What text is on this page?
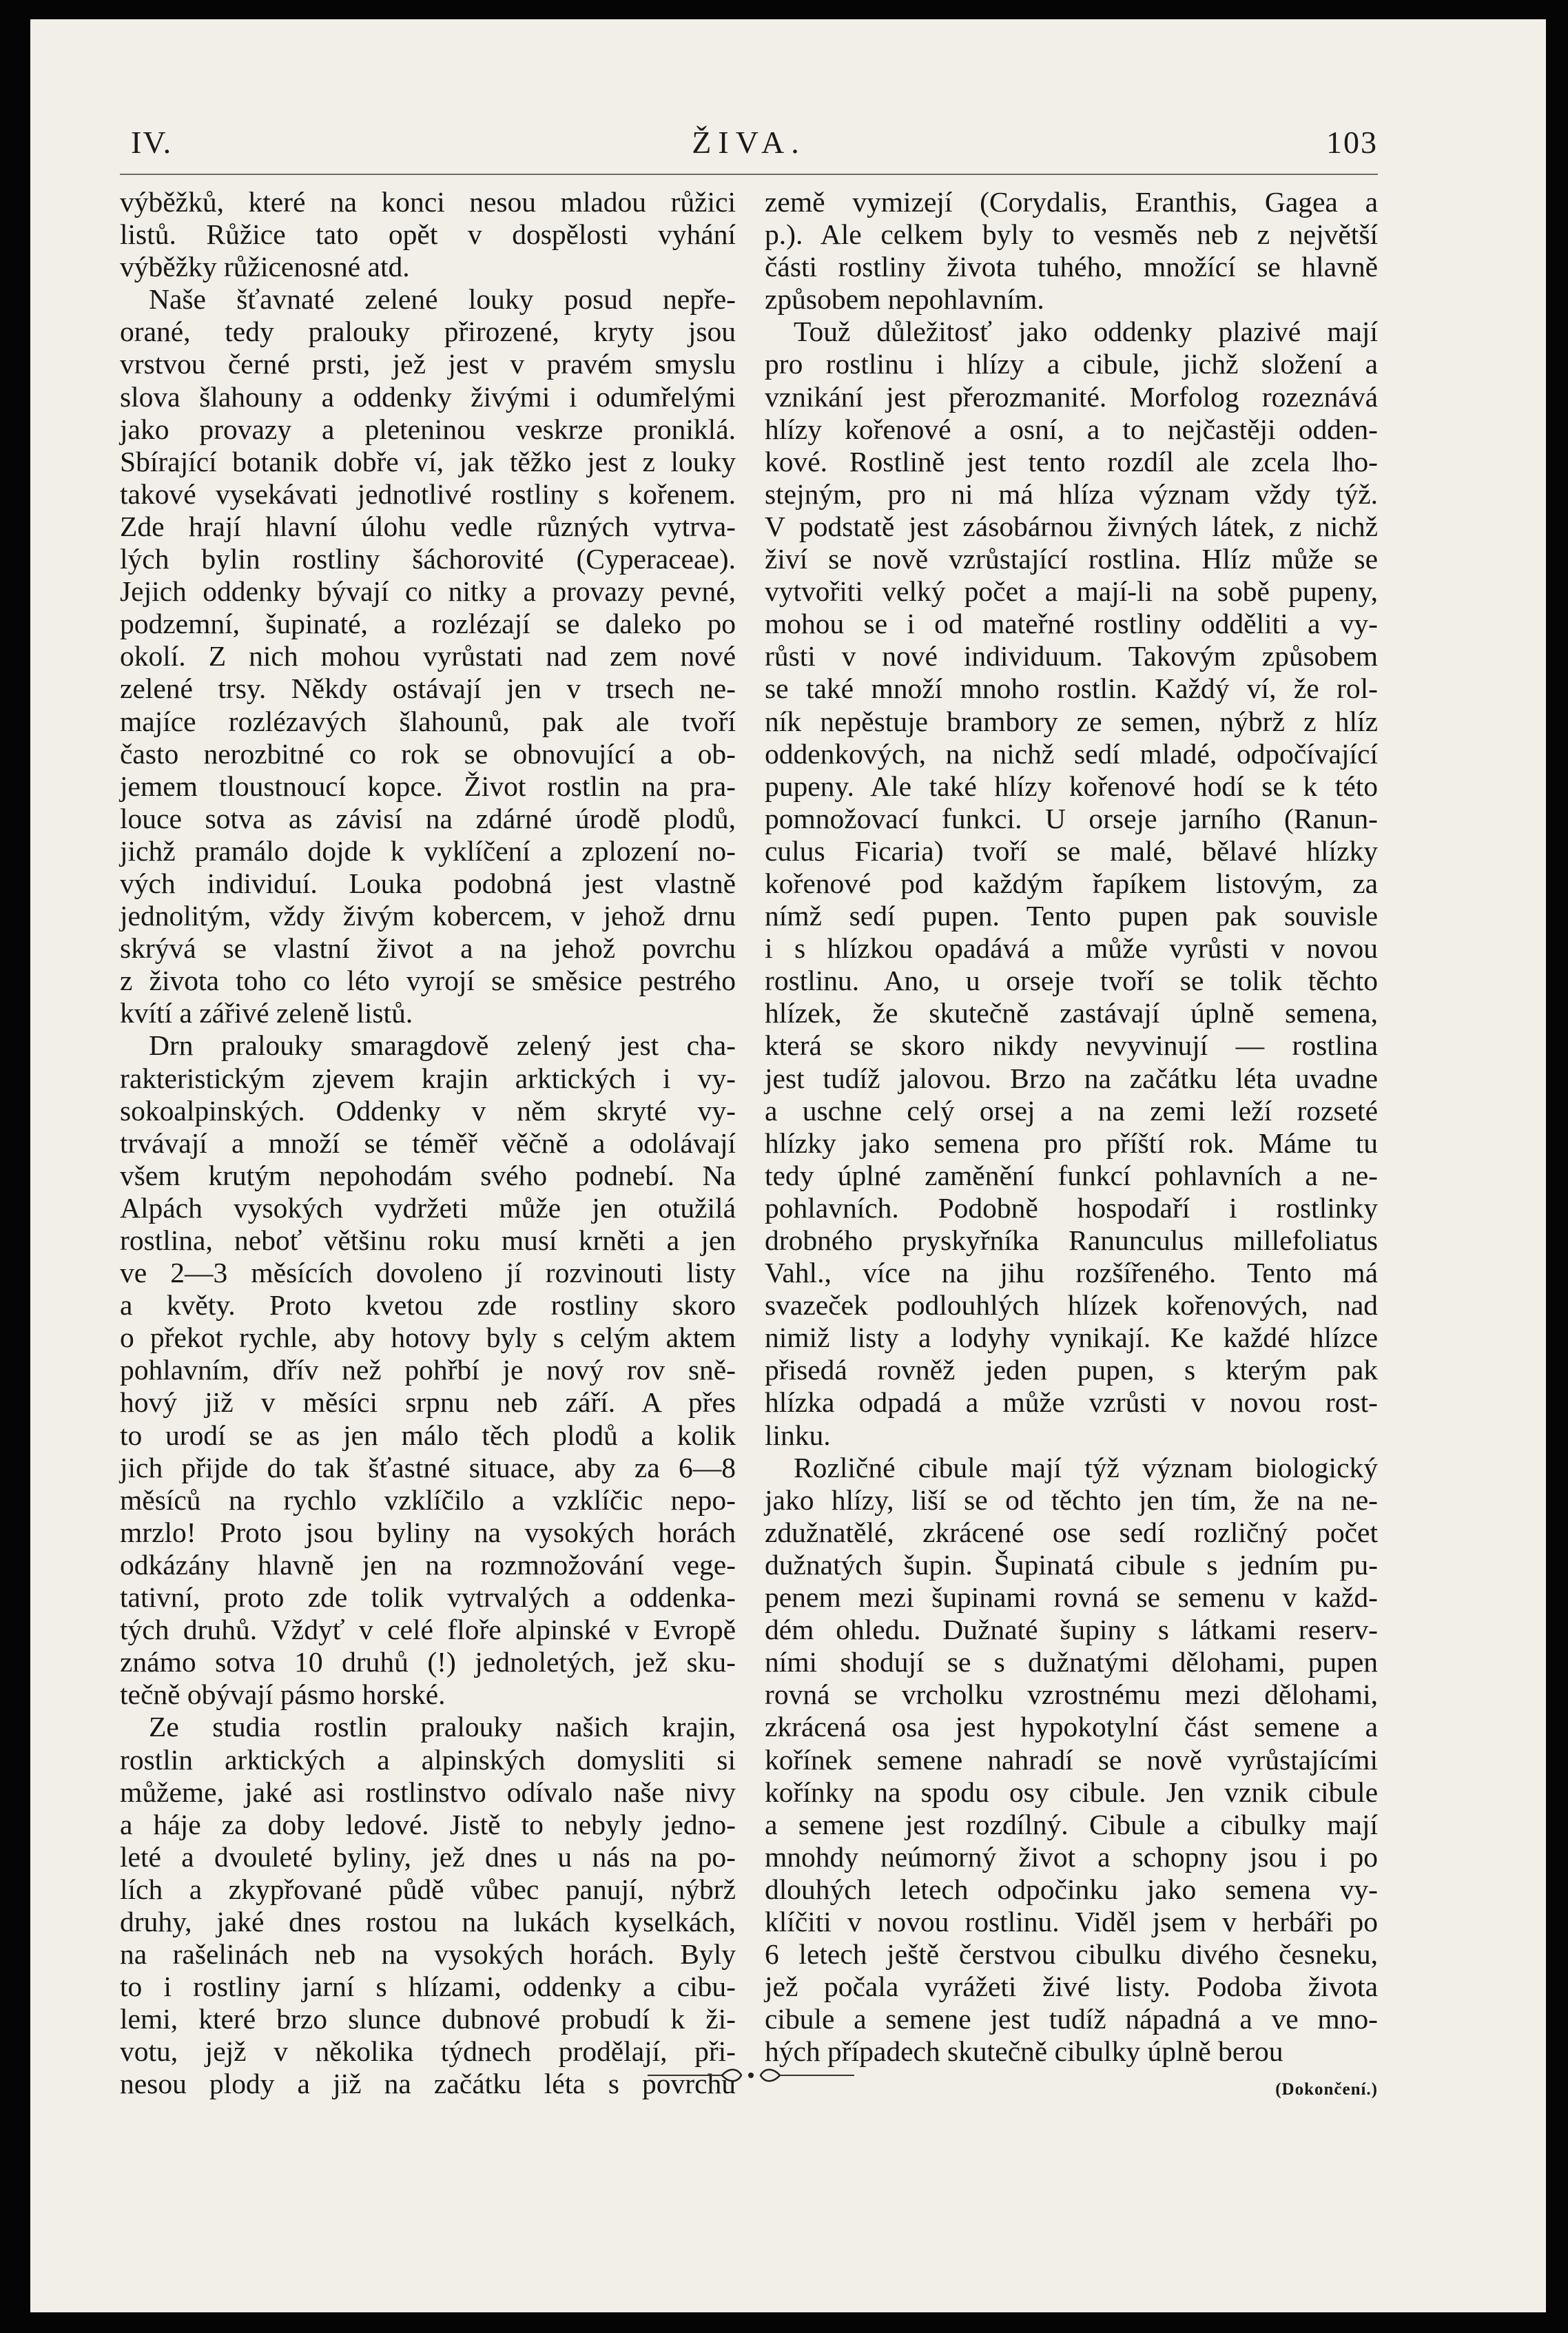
IV.	ŽIVA.	103
výběžků, které na konci nesou mladou růžici
listů. Růžice tato opět v dospělosti vyhání
výběžky růžicenosné atd.
Naše šťavnaté zelené louky posud nepře-
orané, tedy pralouky přirozené, kryty jsou
vrstvou černé prsti, jež jest v pravém smyslu
slova šlahouny a oddenky živými i odumřelými
jako provazy a pleteninou veskrze proniklá.
Sbírající botanik dobře ví, jak těžko jest z louky
takové vysekávati jednotlivé rostliny s kořenem.
Zde hrají hlavní úlohu vedle různých vytrva-
lých bylin rostliny šáchorovité (Cyperaceae).
Jejich oddenky bývají co nitky a provazy pevné,
podzemní, šupinaté, a rozlézají se daleko po
okolí. Z nich mohou vyrůstati nad zem nové
zelené trsy. Někdy ostávají jen v trsech ne-
majíce rozlézavých šlahounů, pak ale tvoří
často nerozbitné co rok se obnovující a ob-
jemem tloustnoucí kopce. Život rostlin na pra-
louce sotva as závisí na zdárné úrodě plodů,
jichž pramálo dojde k vyklíčení a zplození no-
vých individuí. Louka podobná jest vlastně
jednolitým, vždy živým kobercem, v jehož drnu
skrývá se vlastní život a na jehož povrchu
z života toho co léto vyrojí se směsice pestrého
kvítí a zářivé zeleně listů.
Drn pralouky smaragdově zelený jest cha-
rakteristickým zjevem krajin arktických i vy-
sokoalpinských. Oddenky v něm skryté vy-
trvávají a množí se téměř věčně a odolávají
všem krutým nepohodám svého podnebí. Na
Alpách vysokých vydržeti může jen otužilá
rostlina, neboť většinu roku musí krněti a jen
ve 2—3 měsících dovoleno jí rozvinouti listy
a květy. Proto kvetou zde rostliny skoro
o překot rychle, aby hotovy byly s celým aktem
pohlavním, dřív než pohřbí je nový rov sně-
hový již v měsíci srpnu neb září. A přes
to urodí se as jen málo těch plodů a kolik
jich přijde do tak šťastné situace, aby za 6—8
měsíců na rychlo vzklíčilo a vzklíčic nepo-
mrzlo! Proto jsou byliny na vysokých horách
odkázány hlavně jen na rozmnožování vege-
tativní, proto zde tolik vytrvalých a oddenka-
tých druhů. Vždyť v celé floře alpinské v Evropě
známo sotva 10 druhů (!) jednoletých, jež sku-
tečně obývají pásmo horské.
Ze studia rostlin pralouky našich krajin,
rostlin arktických a alpinských domysliti si
můžeme, jaké asi rostlinstvo odívalo naše nivy
a háje za doby ledové. Jistě to nebyly jedno-
leté a dvouleté byliny, jež dnes u nás na po-
lích a zkypřované půdě vůbec panují, nýbrž
druhy, jaké dnes rostou na lukách kyselkách,
na rašelinách neb na vysokých horách. Byly
to i rostliny jarní s hlízami, oddenky a cibu-
lemi, které brzo slunce dubnové probudí k ži-
votu, jejž v několika týdnech prodělají, při-
nesou plody a již na začátku léta s povrchu
země vymizejí (Corydalis, Eranthis, Gagea a
p.). Ale celkem byly to vesměs neb z největší
části rostliny života tuhého, množící se hlavně
způsobem nepohlavním.
Touž důležitosť jako oddenky plazivé mají
pro rostlinu i hlízy a cibule, jichž složení a
vznikání jest přerozmanité. Morfolog rozeznává
hlízy kořenové a osní, a to nejčastěji odden-
kové. Rostlině jest tento rozdíl ale zcela lho-
stejným, pro ni má hlíza význam vždy týž.
V podstatě jest zásobárnou živných látek, z nichž
živí se nově vzrůstající rostlina. Hlíz může se
vytvořiti velký počet a mají-li na sobě pupeny,
mohou se i od mateřné rostliny odděliti a vy-
růsti v nové individuum. Takovým způsobem
se také množí mnoho rostlin. Každý ví, že rol-
ník nepěstuje brambory ze semen, nýbrž z hlíz
oddenkových, na nichž sedí mladé, odpočívající
pupeny. Ale také hlízy kořenové hodí se k této
pomnožovací funkci. U orseje jarního (Ranun-
culus Ficaria) tvoří se malé, bělavé hlízky
kořenové pod každým řapíkem listovým, za
nímž sedí pupen. Tento pupen pak souvisle
i s hlízkou opadává a může vyrůsti v novou
rostlinu. Ano, u orseje tvoří se tolik těchto
hlízek, že skutečně zastávají úplně semena,
která se skoro nikdy nevyvinují — rostlina
jest tudíž jalovou. Brzo na začátku léta uvadne
a uschne celý orsej a na zemi leží rozseté
hlízky jako semena pro příští rok. Máme tu
tedy úplné zaměnění funkcí pohlavních a ne-
pohlavních. Podobně hospodaří i rostlinky
drobného pryskyřníka Ranunculus millefoliatus
Vahl., více na jihu rozšířeného. Tento má
svazeček podlouhlých hlízek kořenových, nad
nimiž listy a lodyhy vynikají. Ke každé hlízce
přisedá rovněž jeden pupen, s kterým pak
hlízka odpadá a může vzrůsti v novou rost-
linku.
Rozličné cibule mají týž význam biologický
jako hlízy, liší se od těchto jen tím, že na ne-
zdužnatělé, zkrácené ose sedí rozličný počet
dužnatých šupin. Šupinatá cibule s jedním pu-
penem mezi šupinami rovná se semenu v každ-
dém ohledu. Dužnaté šupiny s látkami reserv-
ními shodují se s dužnatými dělohami, pupen
rovná se vrcholku vzrostnému mezi dělohami,
zkrácená osa jest hypokotylní část semene a
kořínek semene nahradí se nově vyrůstajícími
kořínky na spodu osy cibule. Jen vznik cibule
a semene jest rozdílný. Cibule a cibulky mají
mnohdy neúmorný život a schopny jsou i po
dlouhých letech odpočinku jako semena vy-
klíčiti v novou rostlinu. Viděl jsem v herbáři po
6 letech ještě čerstvou cibulku divého česneku,
jež počala vyrážeti živé listy. Podoba života
cibule a semene jest tudíž nápadná a ve mno-
hých případech skutečně cibulky úplně berou
(Dokončení.)
